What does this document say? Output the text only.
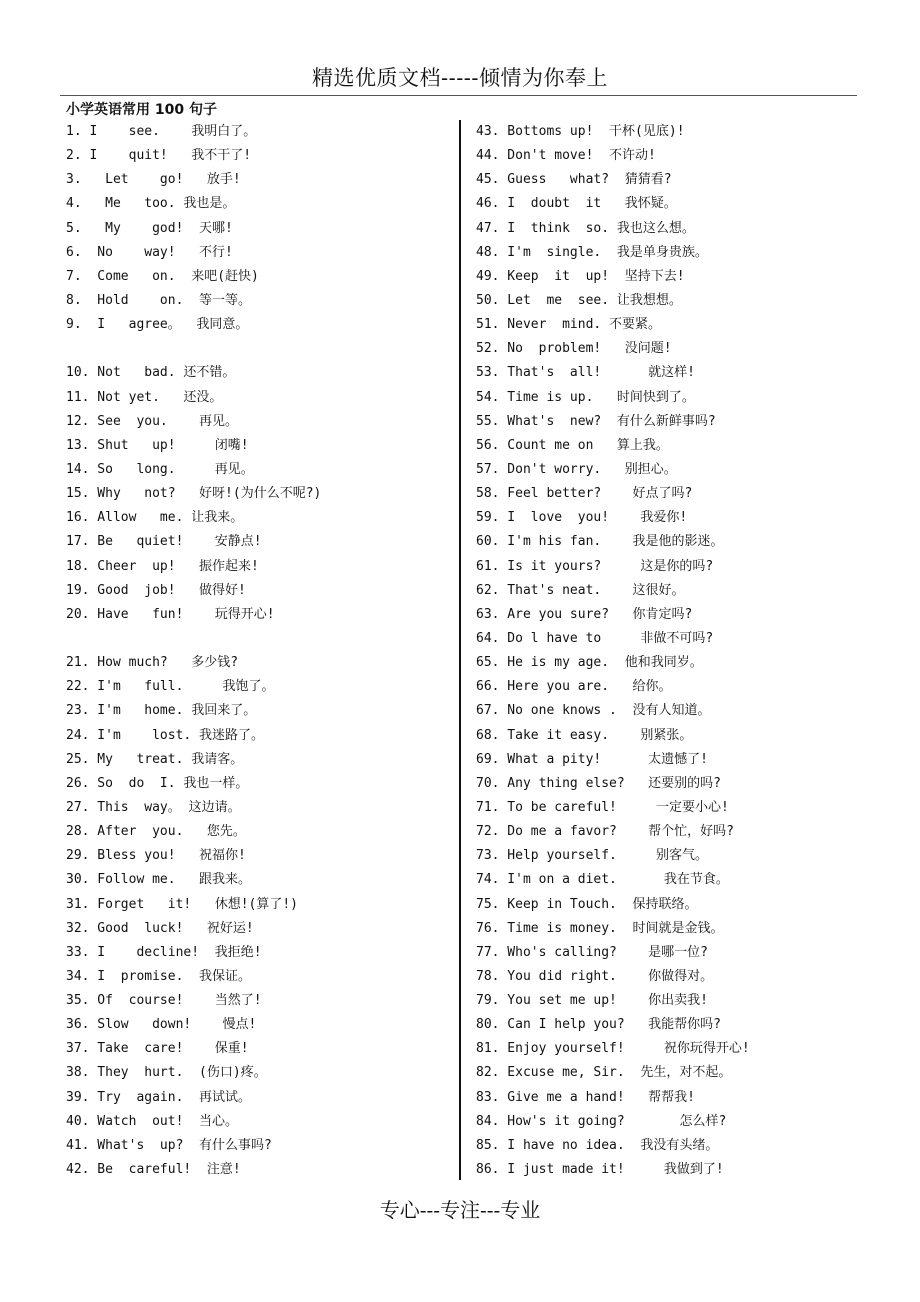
精选优质文档-----倾情为你奉上
小学英语常用 100 句子
1. I    see.    我明白了。
2. I    quit!   我不干了!
3.   Let    go!   放手!
4.   Me   too. 我也是。
5.   My    god!  天哪!
6.  No    way!   不行!
7.  Come   on.  来吧(赶快)
8.  Hold    on.  等一等。
9.  I   agree。  我同意。
10. Not   bad. 还不错。
11. Not yet.   还没。
12. See  you.    再见。
13. Shut   up!     闭嘴!
14. So   long.     再见。
15. Why   not?   好呀!(为什么不呢?)
16. Allow   me. 让我来。
17. Be   quiet!    安静点!
18. Cheer  up!   振作起来!
19. Good  job!   做得好!
20. Have   fun!    玩得开心!
21. How much?   多少钱?
22. I'm   full.     我饱了。
23. I'm   home. 我回来了。
24. I'm    lost. 我迷路了。
25. My   treat. 我请客。
26. So  do  I. 我也一样。
27. This  way。 这边请。
28. After  you.   您先。
29. Bless you!   祝福你!
30. Follow me.   跟我来。
31. Forget   it!   休想!(算了!)
32. Good  luck!   祝好运!
33. I    decline!  我拒绝!
34. I  promise.  我保证。
35. Of  course!    当然了!
36. Slow   down!    慢点!
37. Take  care!    保重!
38. They  hurt.  (伤口)疼。
39. Try  again.  再试试。
40. Watch  out!  当心。
41. What's  up?  有什么事吗?
42. Be  careful!  注意!
43. Bottoms up!  干杯(见底)!
44. Don't move!  不许动!
45. Guess   what?  猜猜看?
46. I  doubt  it   我怀疑。
47. I  think  so. 我也这么想。
48. I'm  single.  我是单身贵族。
49. Keep  it  up!  坚持下去!
50. Let  me  see. 让我想想。
51. Never  mind. 不要紧。
52. No  problem!   没问题!
53. That's  all!      就这样!
54. Time is up.   时间快到了。
55. What's  new?  有什么新鲜事吗?
56. Count me on   算上我。
57. Don't worry.   别担心。
58. Feel better?    好点了吗?
59. I  love  you!    我爱你!
60. I'm his fan.    我是他的影迷。
61. Is it yours?     这是你的吗?
62. That's neat.    这很好。
63. Are you sure?   你肯定吗?
64. Do l have to     非做不可吗?
65. He is my age.  他和我同岁。
66. Here you are.   给你。
67. No one knows .  没有人知道。
68. Take it easy.    别紧张。
69. What a pity!      太遗憾了!
70. Any thing else?   还要别的吗?
71. To be careful!     一定要小心!
72. Do me a favor?    帮个忙，好吗?
73. Help yourself.     别客气。
74. I'm on a diet.      我在节食。
75. Keep in Touch.  保持联络。
76. Time is money.  时间就是金钱。
77. Who's calling?    是哪一位?
78. You did right.    你做得对。
79. You set me up!    你出卖我!
80. Can I help you?   我能帮你吗?
81. Enjoy yourself!     祝你玩得开心!
82. Excuse me, Sir.  先生，对不起。
83. Give me a hand!   帮帮我!
84. How's it going?       怎么样?
85. I have no idea.  我没有头绪。
86. I just made it!     我做到了!
专心---专注---专业
